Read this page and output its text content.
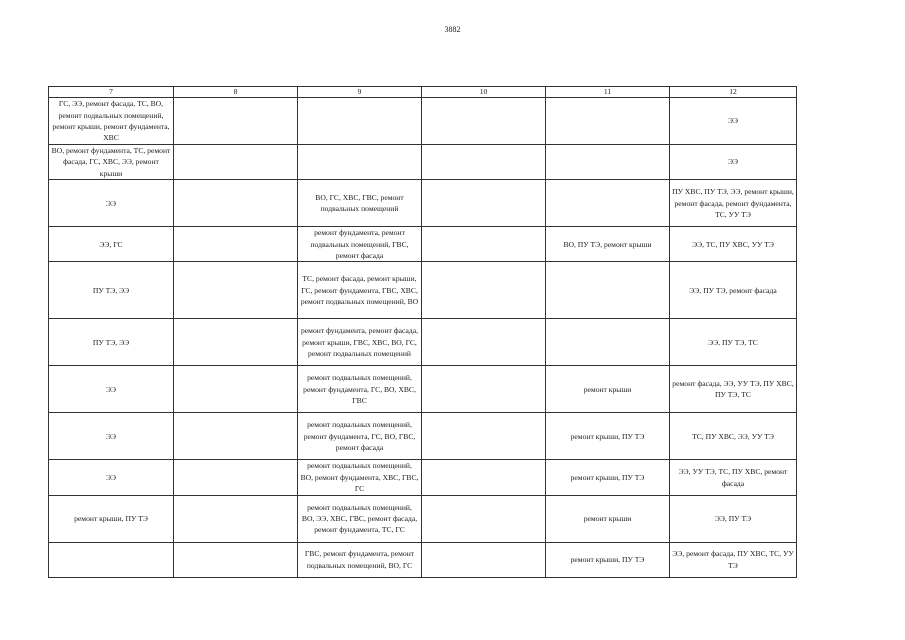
3882
7	8	9	10	11	12
ГС, ЭЭ, ремонт фасада, ТС, ВО, ремонт подвальных помещений, ремонт крыши, ремонт фундамента, ХВС					ЭЭ
ВО, ремонт фундамента, ТС, ремонт фасада, ГС, ХВС, ЭЭ, ремонт крыши					ЭЭ
ЭЭ		ВО, ГС, ХВС, ГВС, ремонт подвальных помещений			ПУ ХВС, ПУ ТЭ, ЭЭ, ремонт крыши, ремонт фасада, ремонт фундамента, ТС, УУ ТЭ
ЭЭ, ГС		ремонт фундамента, ремонт подвальных помещений, ГВС, ремонт фасада		ВО, ПУ ТЭ, ремонт крыши	ЭЭ, ТС, ПУ ХВС, УУ ТЭ
ПУ ТЭ, ЭЭ		ТС, ремонт фасада, ремонт крыши, ГС, ремонт фундамента, ГВС, ХВС, ремонт подвальных помещений, ВО			ЭЭ, ПУ ТЭ, ремонт фасада
ПУ ТЭ, ЭЭ		ремонт фундамента, ремонт фасада, ремонт крыши, ГВС, ХВС, ВО, ГС, ремонт подвальных помещений			ЭЭ, ПУ ТЭ, ТС
ЭЭ		ремонт подвальных помещений, ремонт фундамента, ГС, ВО, ХВС, ГВС		ремонт крыши	ремонт фасада, ЭЭ, УУ ТЭ, ПУ ХВС, ПУ ТЭ, ТС
ЭЭ		ремонт подвальных помещений, ремонт фундамента, ГС, ВО, ГВС, ремонт фасада		ремонт крыши, ПУ ТЭ	ТС, ПУ ХВС, ЭЭ, УУ ТЭ
ЭЭ		ремонт подвальных помещений, ВО, ремонт фундамента, ХВС, ГВС, ГС		ремонт крыши, ПУ ТЭ	ЭЭ, УУ ТЭ, ТС, ПУ ХВС, ремонт фасада
ремонт крыши, ПУ ТЭ		ремонт подвальных помещений, ВО, ЭЭ, ХВС, ГВС, ремонт фасада, ремонт фундамента, ТС, ГС		ремонт крыши	ЭЭ, ПУ ТЭ
		ГВС, ремонт фундамента, ремонт подвальных помещений, ВО, ГС		ремонт крыши, ПУ ТЭ	ЭЭ, ремонт фасада, ПУ ХВС, ТС, УУ ТЭ
